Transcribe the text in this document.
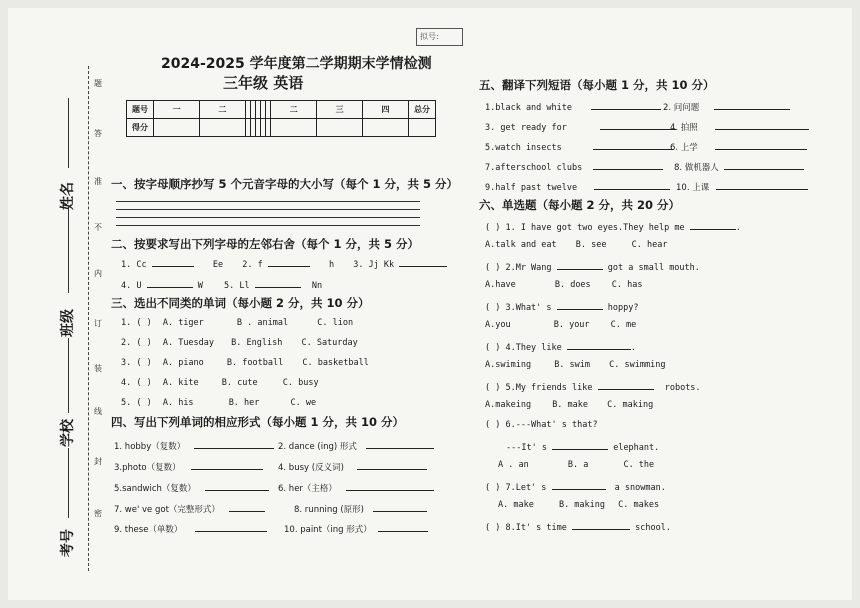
考号
学校
班级
姓名
密
封
线
内
不
准
答
题
装
订
拟号:
2024-2025 学年度第二学期期末学情检测
三年级 英语
题号	一	二						二	三	四	总分
得分											
一、按字母顺序抄写 5 个元音字母的大小写（每个 1 分，共 5 分）
二、按要求写出下列字母的左邻右舍（每个 1 分，共 5 分）
1. Cc	Ee 2. f	h 3. Jj Kk
4. U	W 5. Ll	Nn
三、选出不同类的单词（每小题 2 分，共 10 分）
1. ( ) A. tiger	B . animal	C. lion
2. ( ) A. Tuesday B. English C. Saturday
3. ( ) A. piano	B. football C. basketball
4. ( ) A. kite	B. cute	C. busy
5. ( ) A. his	B. her	C. we
四、写出下列单词的相应形式（每小题 1 分，共 10 分）
1. hobby（复数）	2. dance (ing) 形式
3.photo（复数）	4. busy (反义词)
5.sandwich（复数）	6. her（主格）
7. we' ve got（完整形式）	8. running (原形)
9. these（单数）	10. paint（ing 形式）
五、翻译下列短语（每小题 1 分，共 10 分）
1.black and white	2. 问问题
3. get ready for	4. 拍照
5.watch insects	6. 上学
7.afterschool clubs	8. 做机器人
9.half past twelve	10. 上课
六、单选题（每小题 2 分，共 20 分）
( ) 1. I have got two eyes.They help me	.
A.talk and eat B. see	C. hear
( ) 2.Mr Wang	got a small mouth.
A.have	B. does C. has
( ) 3.What' s	hoppy?
A.you	B. your C. me
( ) 4.They like	.
A.swiming	B. swim C. swimming
( ) 5.My friends like	robots.
A.makeing B. make C. making
( ) 6.---What' s that?
---It' s	elephant.
A . an	B. a	C. the
( ) 7.Let' s	a snowman.
A. make	B. making C. makes
( ) 8.It' s time	school.
